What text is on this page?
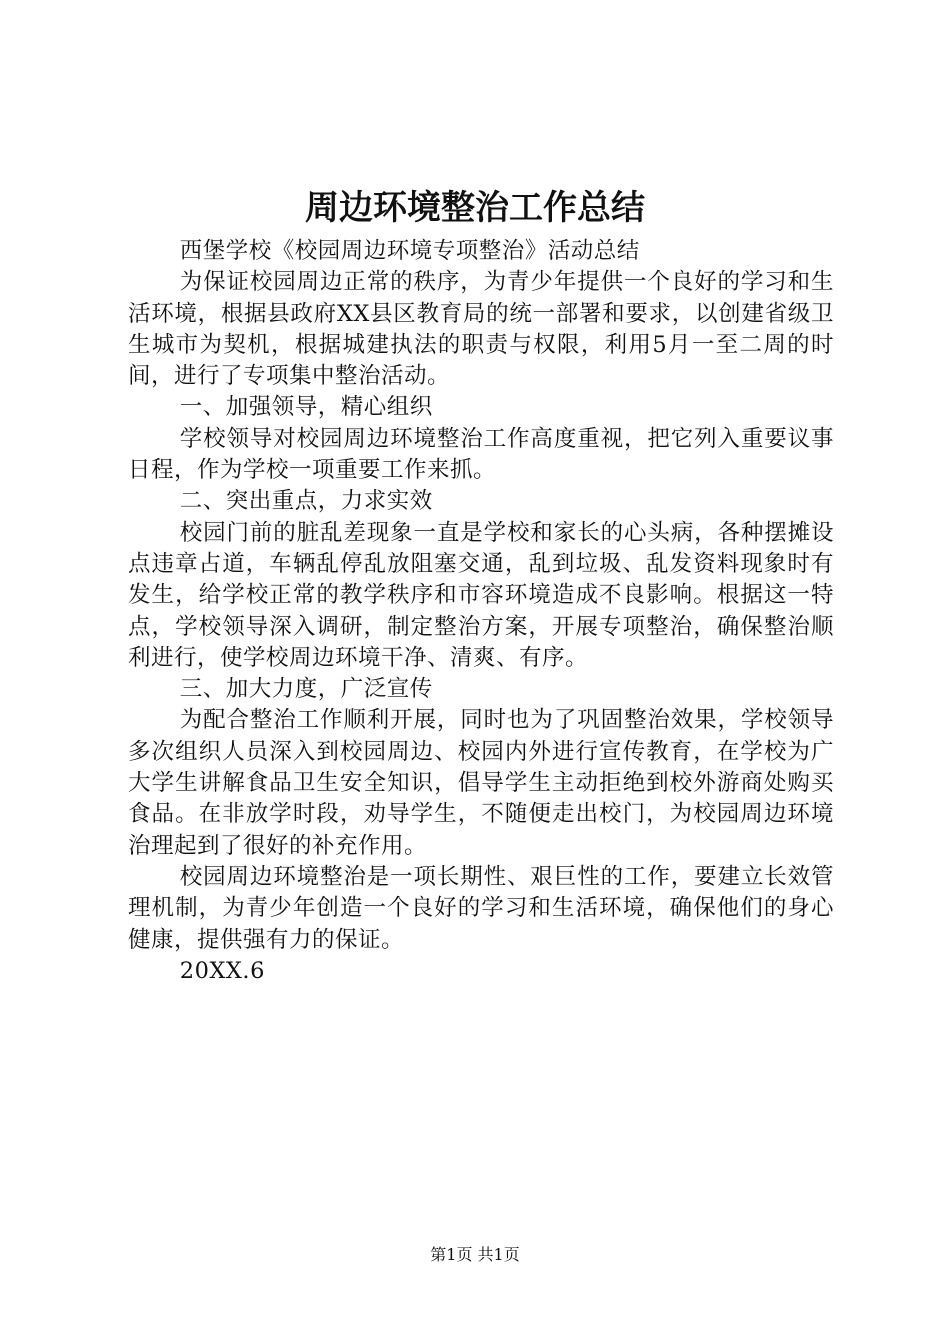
周边环境整治工作总结

西堡学校《校园周边环境专项整治》活动总结

为保证校园周边正常的秩序，为青少年提供一个良好的学习和生活环境，根据县政府XX县区教育局的统一部署和要求，以创建省级卫生城市为契机，根据城建执法的职责与权限，利用5月一至二周的时间，进行了专项集中整治活动。

一、加强领导，精心组织

学校领导对校园周边环境整治工作高度重视，把它列入重要议事日程，作为学校一项重要工作来抓。

二、突出重点，力求实效

校园门前的脏乱差现象一直是学校和家长的心头病，各种摆摊设点违章占道，车辆乱停乱放阻塞交通，乱到垃圾、乱发资料现象时有发生，给学校正常的教学秩序和市容环境造成不良影响。根据这一特点，学校领导深入调研，制定整治方案，开展专项整治，确保整治顺利进行，使学校周边环境干净、清爽、有序。

三、加大力度，广泛宣传

为配合整治工作顺利开展，同时也为了巩固整治效果，学校领导多次组织人员深入到校园周边、校园内外进行宣传教育，在学校为广大学生讲解食品卫生安全知识，倡导学生主动拒绝到校外游商处购买食品。在非放学时段，劝导学生，不随便走出校门，为校园周边环境治理起到了很好的补充作用。

校园周边环境整治是一项长期性、艰巨性的工作，要建立长效管理机制，为青少年创造一个良好的学习和生活环境，确保他们的身心健康，提供强有力的保证。

20XX.6

第1页 共1页
